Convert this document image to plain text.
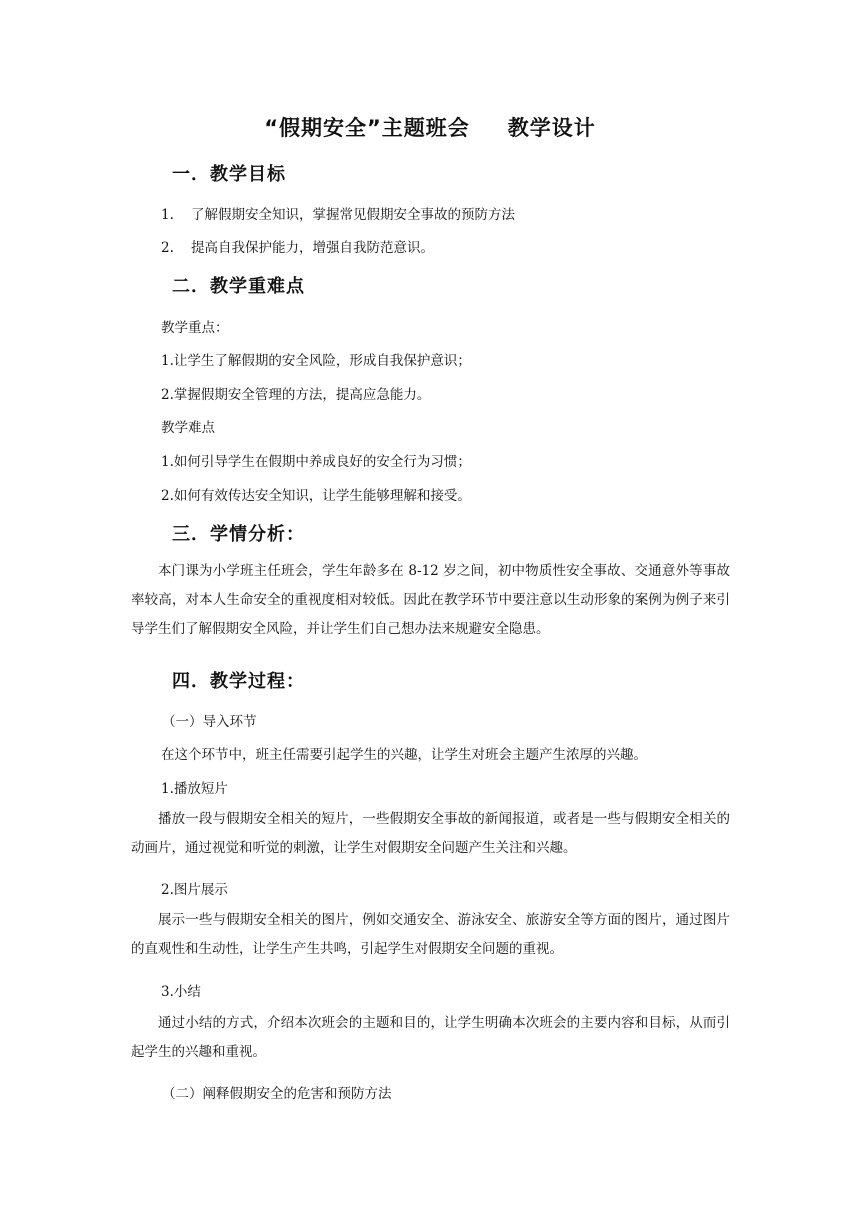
“假期安全”主题班会 教学设计
一．教学目标
1. 了解假期安全知识，掌握常见假期安全事故的预防方法
2. 提高自我保护能力，增强自我防范意识。
二．教学重难点
教学重点：
1.让学生了解假期的安全风险，形成自我保护意识；
2.掌握假期安全管理的方法，提高应急能力。
教学难点
1.如何引导学生在假期中养成良好的安全行为习惯；
2.如何有效传达安全知识，让学生能够理解和接受。
三．学情分析：
本门课为小学班主任班会，学生年龄多在 8-12 岁之间，初中物质性安全事故、交通意外等事故率较高，对本人生命安全的重视度相对较低。因此在教学环节中要注意以生动形象的案例为例子来引导学生们了解假期安全风险，并让学生们自己想办法来规避安全隐患。
四．教学过程：
（一）导入环节
在这个环节中，班主任需要引起学生的兴趣，让学生对班会主题产生浓厚的兴趣。
1.播放短片
播放一段与假期安全相关的短片，一些假期安全事故的新闻报道，或者是一些与假期安全相关的动画片，通过视觉和听觉的刺激，让学生对假期安全问题产生关注和兴趣。
2.图片展示
展示一些与假期安全相关的图片，例如交通安全、游泳安全、旅游安全等方面的图片，通过图片的直观性和生动性，让学生产生共鸣，引起学生对假期安全问题的重视。
3.小结
通过小结的方式，介绍本次班会的主题和目的，让学生明确本次班会的主要内容和目标，从而引起学生的兴趣和重视。
（二）阐释假期安全的危害和预防方法
